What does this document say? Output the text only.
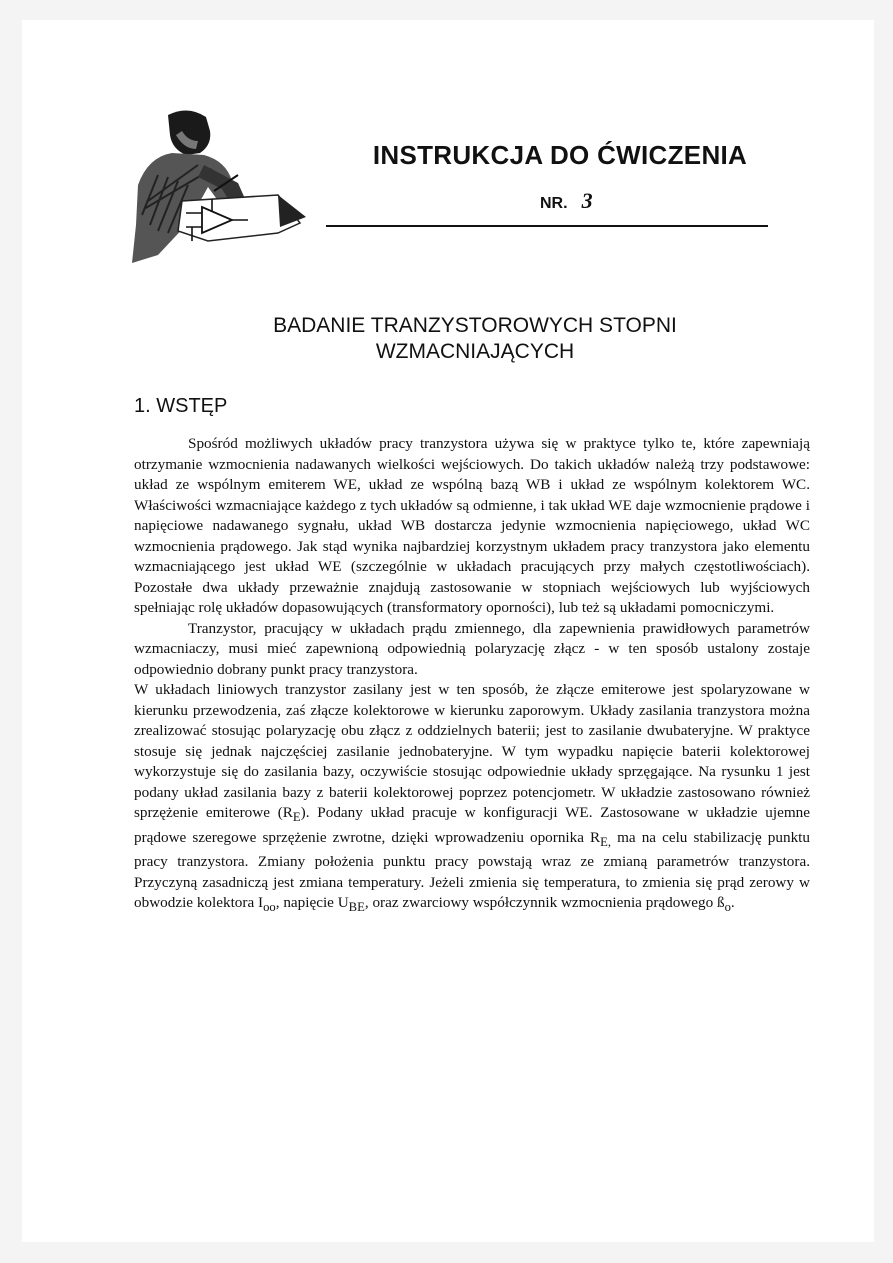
INSTRUKCJA DO ĆWICZENIA
NR. 3
BADANIE TRANZYSTOROWYCH STOPNI
WZMACNIAJĄCYCH
1. WSTĘP

Spośród możliwych układów pracy tranzystora używa się w praktyce tylko te, które zapewniają otrzymanie wzmocnienia nadawanych wielkości wejściowych. Do takich układów należą trzy podstawowe: układ ze wspólnym emiterem WE, układ ze wspólną bazą WB i układ ze wspólnym kolektorem WC. Właściwości wzmacniające każdego z tych układów są odmienne, i tak układ WE daje wzmocnienie prądowe i napięciowe nadawanego sygnału, układ WB dostarcza jedynie wzmocnienia napięciowego, układ WC wzmocnienia prądowego. Jak stąd wynika najbardziej korzystnym układem pracy tranzystora jako elementu wzmacniającego jest układ WE (szczególnie w układach pracujących przy małych częstotliwościach). Pozostałe dwa układy przeważnie znajdują zastosowanie w stopniach wejściowych lub wyjściowych spełniając rolę układów dopasowujących (transformatory oporności), lub też są układami pomocniczymi.

Tranzystor, pracujący w układach prądu zmiennego, dla zapewnienia prawidłowych parametrów wzmacniaczy, musi mieć zapewnioną odpowiednią polaryzację złącz - w ten sposób ustalony zostaje odpowiednio dobrany punkt pracy tranzystora.

W układach liniowych tranzystor zasilany jest w ten sposób, że złącze emiterowe jest spolaryzowane w kierunku przewodzenia, zaś złącze kolektorowe w kierunku zaporowym. Układy zasilania tranzystora można zrealizować stosując polaryzację obu złącz z oddzielnych baterii; jest to zasilanie dwubateryjne. W praktyce stosuje się jednak najczęściej zasilanie jednobateryjne. W tym wypadku napięcie baterii kolektorowej wykorzystuje się do zasilania bazy, oczywiście stosując odpowiednie układy sprzęgające. Na rysunku 1 jest podany układ zasilania bazy z baterii kolektorowej poprzez potencjometr. W układzie zastosowano również sprzężenie emiterowe $(R_E)$. Podany układ pracuje w konfiguracji WE. Zastosowane w układzie ujemne prądowe szeregowe sprzężenie zwrotne, dzięki wprowadzeniu opornika $R_{E,}$ ma na celu stabilizację punktu pracy tranzystora. Zmiany położenia punktu pracy powstają wraz ze zmianą parametrów tranzystora. Przyczyną zasadniczą jest zmiana temperatury. Jeżeli zmienia się temperatura, to zmienia się prąd zerowy w obwodzie kolektora $I_{oo}$, napięcie $U_{BE}$, oraz zwarciowy współczynnik wzmocnienia prądowego $ß_o$.
